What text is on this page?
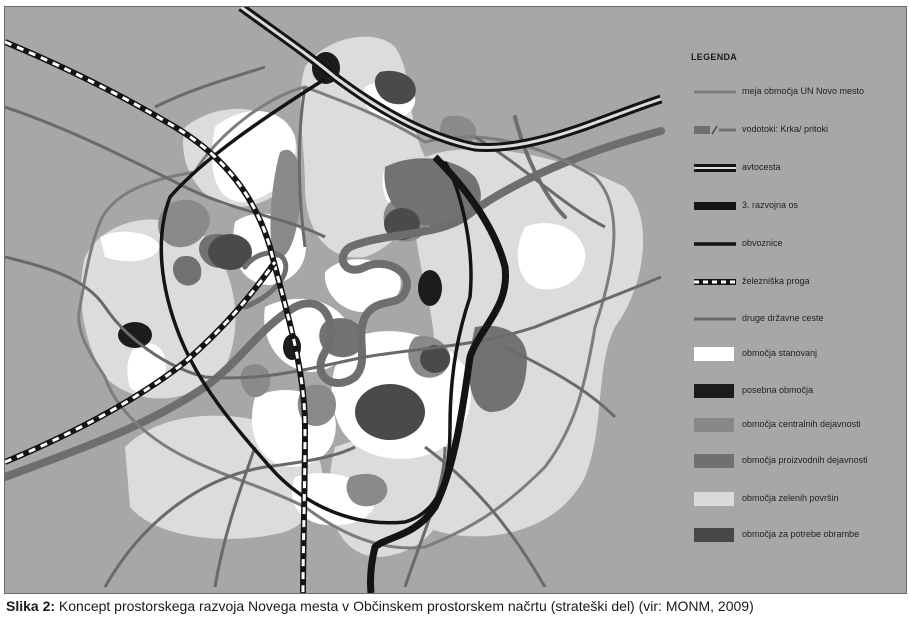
LEGENDA
meja območja UN Novo mesto
vodotoki: Krka/ pritoki
avtocesta
3. razvojna os
obvoznice
železniška proga
druge državne ceste
območja stanovanj
posebna območja
območja centralnih dejavnosti
območja proizvodnih dejavnosti
območja zelenih površin
območja za potrebe obrambe
Slika 2: Koncept prostorskega razvoja Novega mesta v Občinskem prostorskem načrtu (strateški del) (vir: MONM, 2009)
